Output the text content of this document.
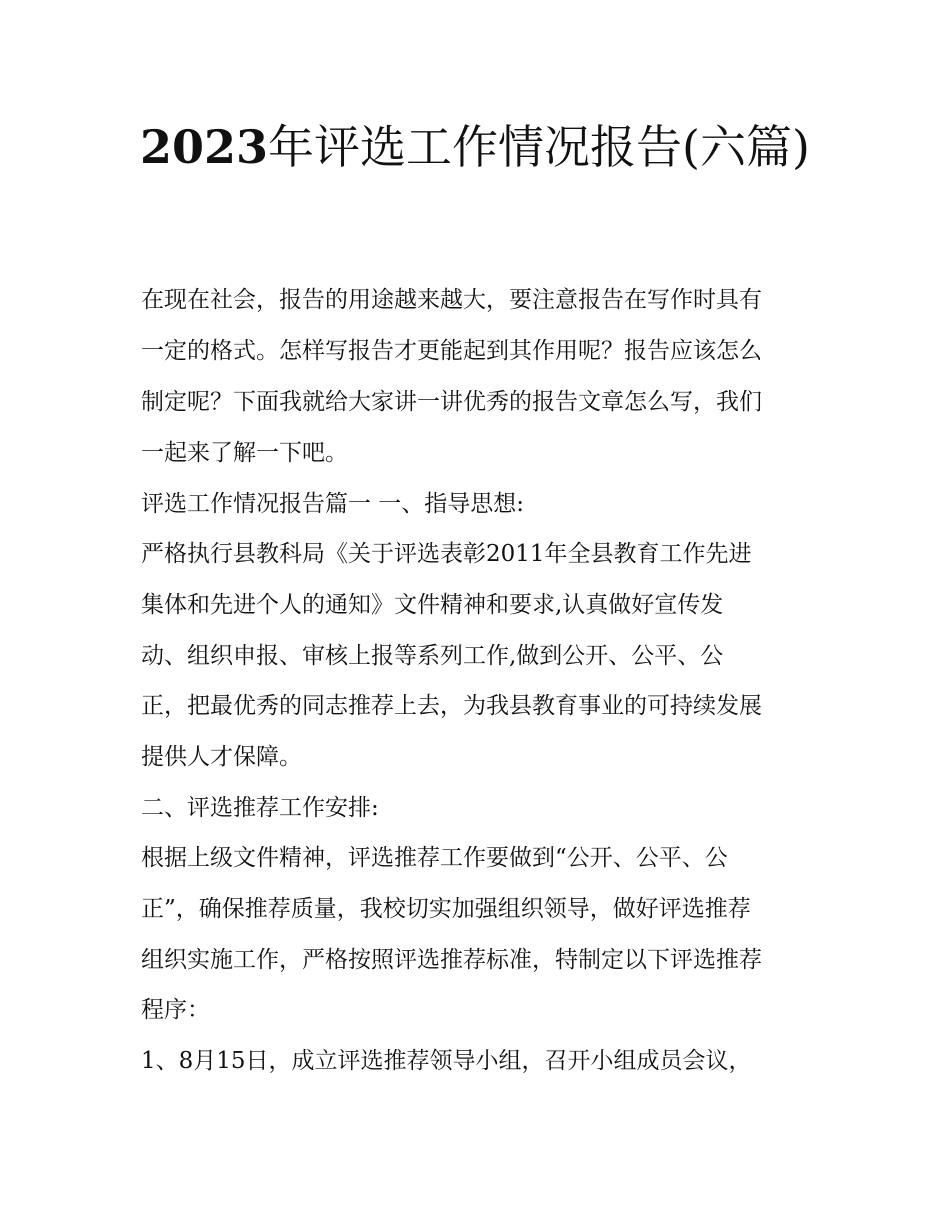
2023年评选工作情况报告(六篇)

在现在社会，报告的用途越来越大，要注意报告在写作时具有

一定的格式。怎样写报告才更能起到其作用呢？报告应该怎么

制定呢？下面我就给大家讲一讲优秀的报告文章怎么写，我们

一起来了解一下吧。

评选工作情况报告篇一 一、指导思想:

严格执行县教科局《关于评选表彰2011年全县教育工作先进

集体和先进个人的通知》文件精神和要求,认真做好宣传发

动、组织申报、审核上报等系列工作,做到公开、公平、公

正，把最优秀的同志推荐上去，为我县教育事业的可持续发展

提供人才保障。

二、评选推荐工作安排:

根据上级文件精神，评选推荐工作要做到“公开、公平、公

正”，确保推荐质量，我校切实加强组织领导，做好评选推荐

组织实施工作，严格按照评选推荐标准，特制定以下评选推荐

程序：

1、8月15日，成立评选推荐领导小组，召开小组成员会议，
